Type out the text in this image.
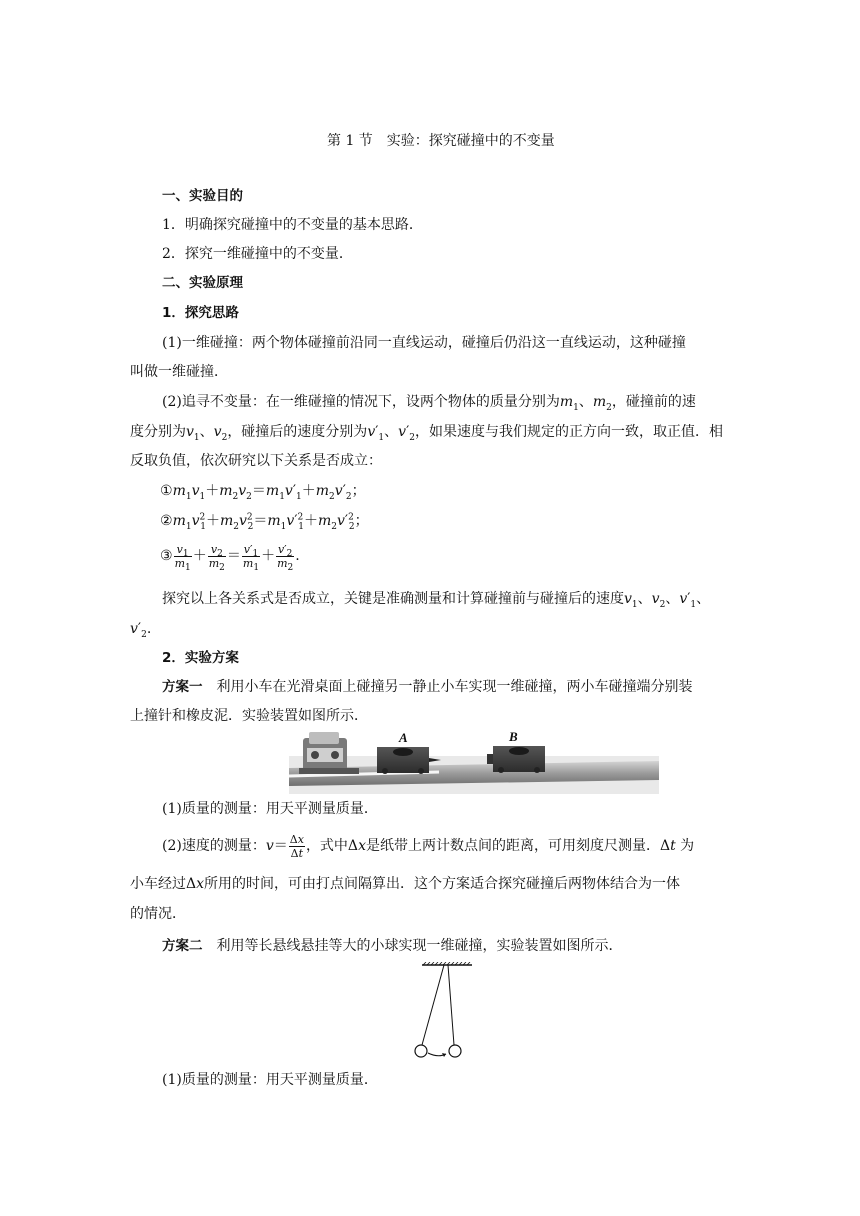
第 1 节　实验：探究碰撞中的不变量
一、实验目的
1．明确探究碰撞中的不变量的基本思路．
2．探究一维碰撞中的不变量．
二、实验原理
1．探究思路
(1)一维碰撞：两个物体碰撞前沿同一直线运动，碰撞后仍沿这一直线运动，这种碰撞
叫做一维碰撞．
(2)追寻不变量：在一维碰撞的情况下，设两个物体的质量分别为$m_1$、$m_2$，碰撞前的速
度分别为$v_1$、$v_2$，碰撞后的速度分别为$v'_1$、$v'_2$，如果速度与我们规定的正方向一致，取正值．相
反取负值，依次研究以下关系是否成立：
$①m_1v_1+m_2v_2=m_1v'_1+m_2v'_2$；
$②m_1v^2_1+m_2v^2_2=m_1v'^2_1+m_2v'^2_2$；
③ $\frac{v_1}{m_1} + \frac{v_2}{m_2} = \frac{v'_1}{m_1} + \frac{v'_2}{m_2}$ .
探究以上各关系式是否成立，关键是准确测量和计算碰撞前与碰撞后的速度$v_1$、$v_2$、$v'_1$、
$v'_2$.
2．实验方案
方案一　利用小车在光滑桌面上碰撞另一静止小车实现一维碰撞，两小车碰撞端分别装
上撞针和橡皮泥．实验装置如图所示．
A	B
(1)质量的测量：用天平测量质量．
(2)速度的测量：$v= \frac{\Delta x}{\Delta t}$ ，式中Δx是纸带上两计数点间的距离，可用刻度尺测量．Δt 为
小车经过Δx所用的时间，可由打点间隔算出．这个方案适合探究碰撞后两物体结合为一体
的情况．
方案二　利用等长悬线悬挂等大的小球实现一维碰撞，实验装置如图所示．
(1)质量的测量：用天平测量质量．
